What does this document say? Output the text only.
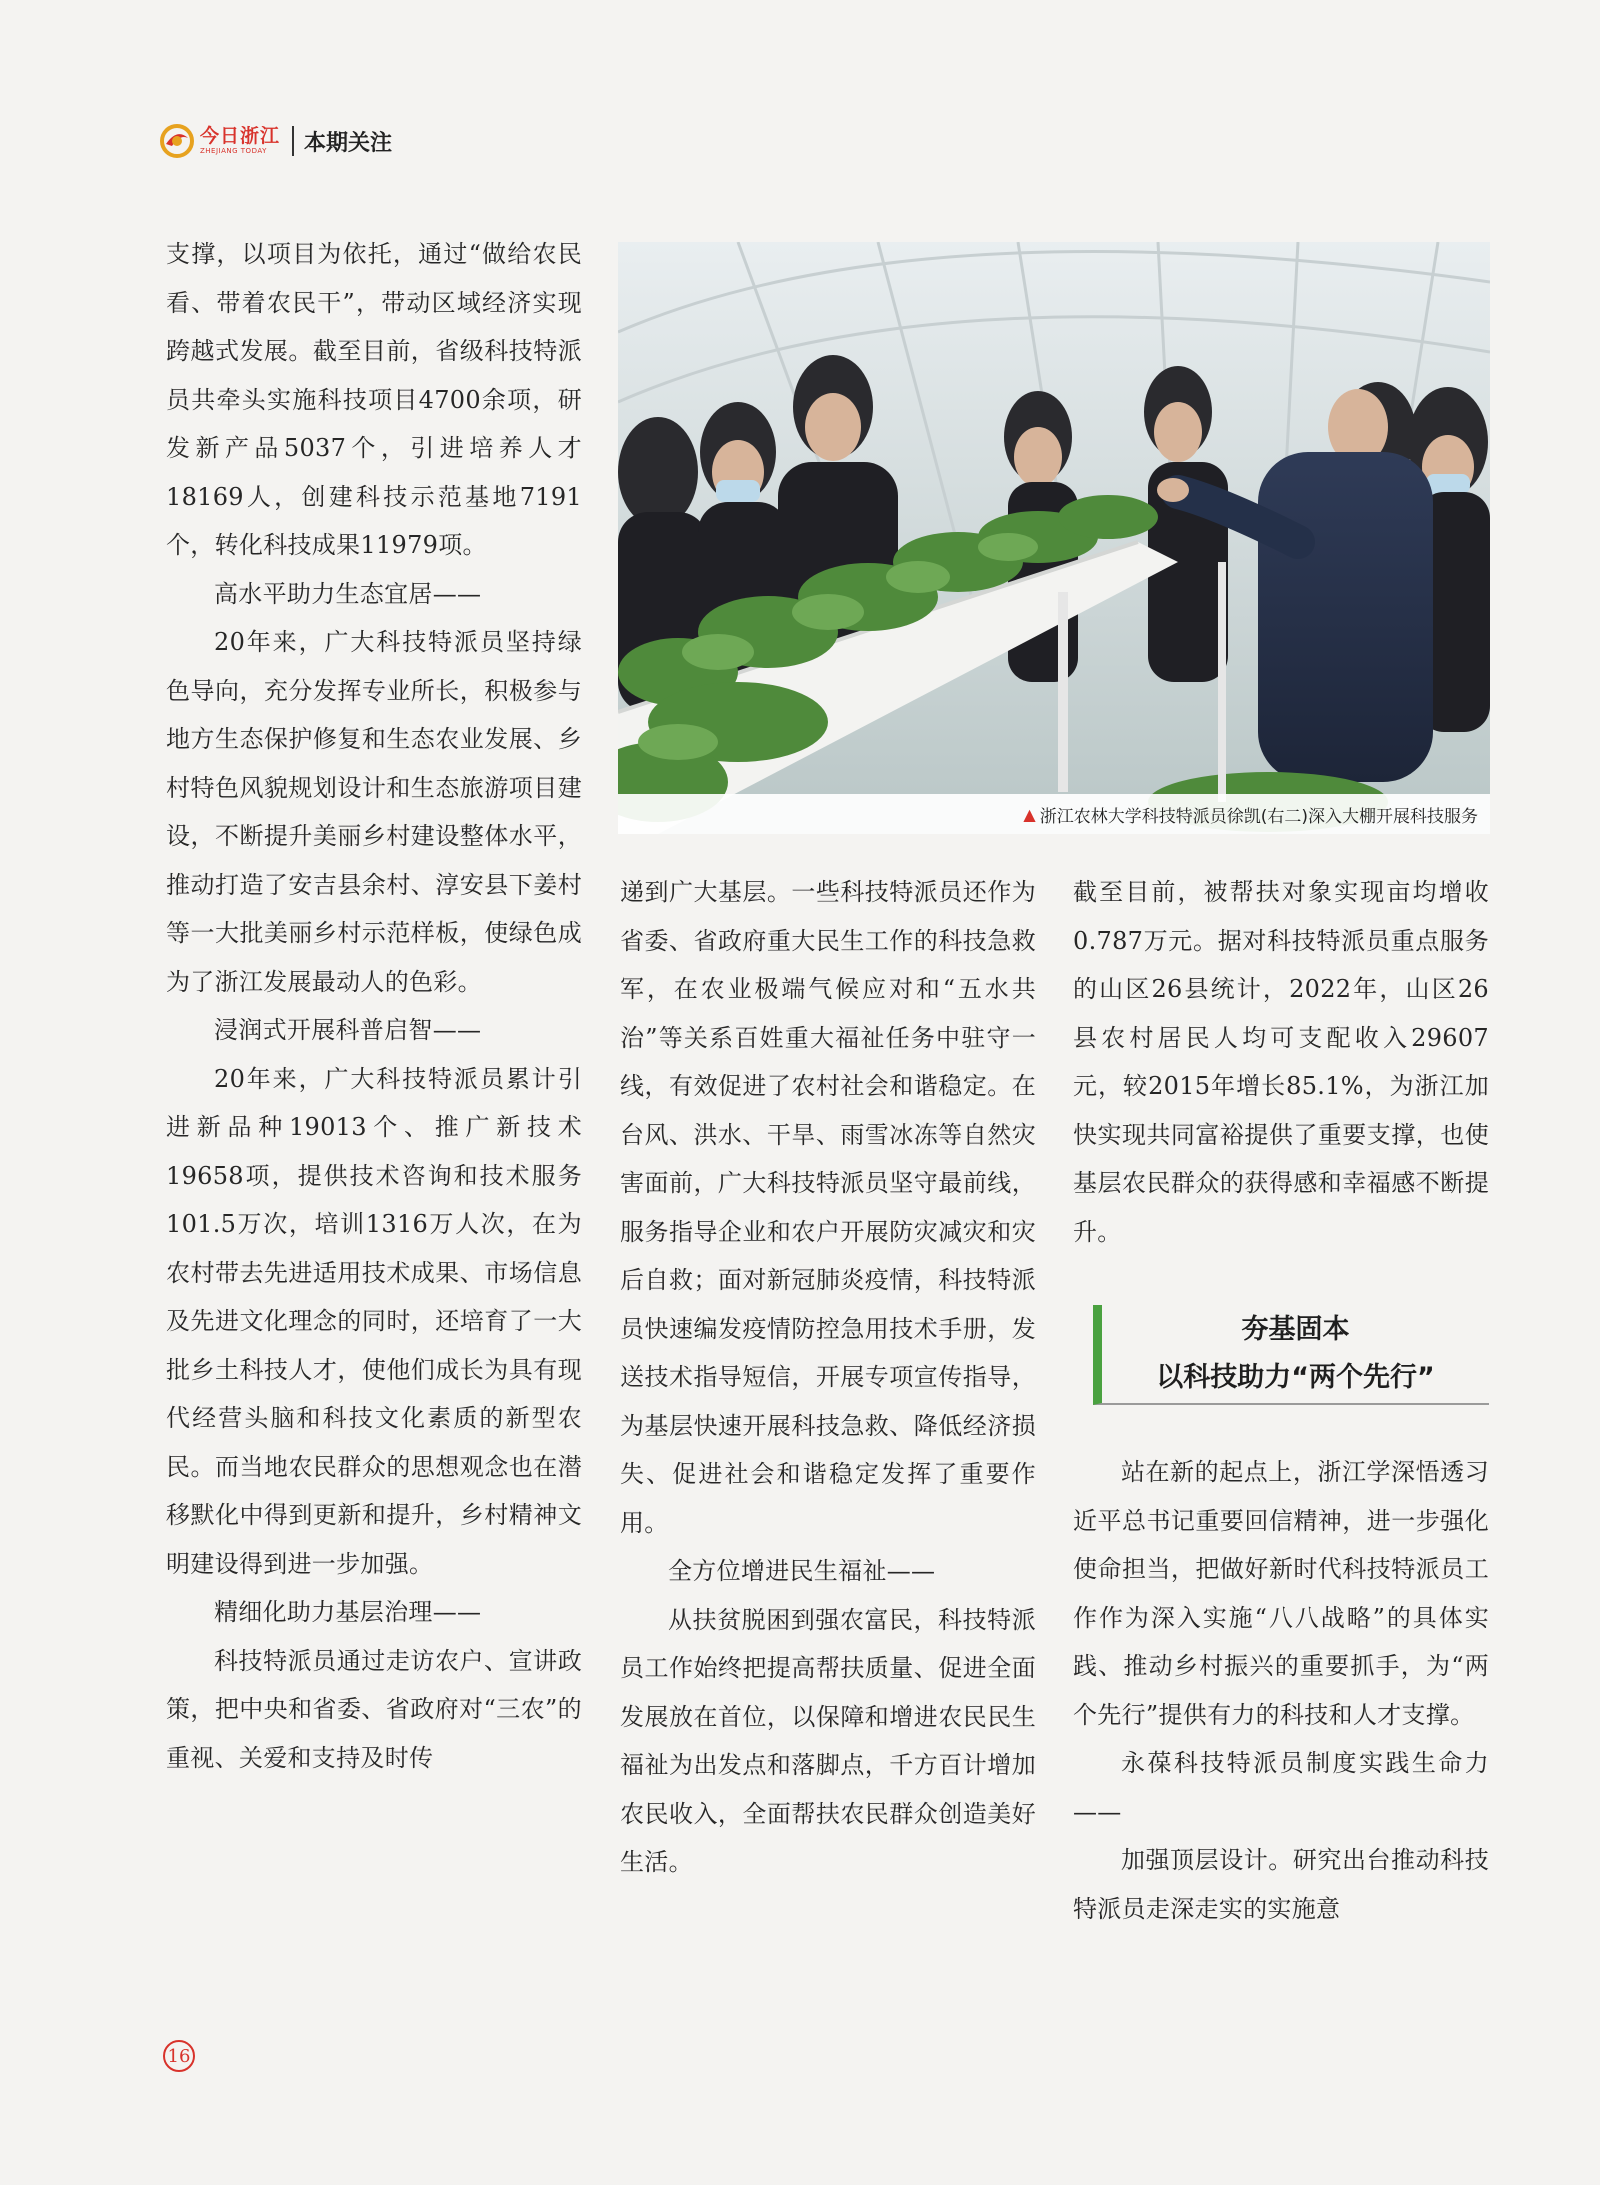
今日浙江
ZHEJIANG TODAY	本期关注

支撑，以项目为依托，通过“做给农民看、带着农民干”，带动区域经济实现跨越式发展。截至目前，省级科技特派员共牵头实施科技项目4700余项，研发新产品5037个，引进培养人才18169人，创建科技示范基地7191个，转化科技成果11979项。

高水平助力生态宜居——

20年来，广大科技特派员坚持绿色导向，充分发挥专业所长，积极参与地方生态保护修复和生态农业发展、乡村特色风貌规划设计和生态旅游项目建设，不断提升美丽乡村建设整体水平，推动打造了安吉县余村、淳安县下姜村等一大批美丽乡村示范样板，使绿色成为了浙江发展最动人的色彩。

浸润式开展科普启智——

20年来，广大科技特派员累计引进新品种19013个、推广新技术19658项，提供技术咨询和技术服务101.5万次，培训1316万人次，在为农村带去先进适用技术成果、市场信息及先进文化理念的同时，还培育了一大批乡土科技人才，使他们成长为具有现代经营头脑和科技文化素质的新型农民。而当地农民群众的思想观念也在潜移默化中得到更新和提升，乡村精神文明建设得到进一步加强。

精细化助力基层治理——

科技特派员通过走访农户、宣讲政策，把中央和省委、省政府对“三农”的重视、关爱和支持及时传

▲ 浙江农林大学科技特派员徐凯(右二)深入大棚开展科技服务

递到广大基层。一些科技特派员还作为省委、省政府重大民生工作的科技急救军，在农业极端气候应对和“五水共治”等关系百姓重大福祉任务中驻守一线，有效促进了农村社会和谐稳定。在台风、洪水、干旱、雨雪冰冻等自然灾害面前，广大科技特派员坚守最前线，服务指导企业和农户开展防灾减灾和灾后自救；面对新冠肺炎疫情，科技特派员快速编发疫情防控急用技术手册，发送技术指导短信，开展专项宣传指导，为基层快速开展科技急救、降低经济损失、促进社会和谐稳定发挥了重要作用。

全方位增进民生福祉——

从扶贫脱困到强农富民，科技特派员工作始终把提高帮扶质量、促进全面发展放在首位，以保障和增进农民民生福祉为出发点和落脚点，千方百计增加农民收入，全面帮扶农民群众创造美好生活。

截至目前，被帮扶对象实现亩均增收0.787万元。据对科技特派员重点服务的山区26县统计，2022年，山区26县农村居民人均可支配收入29607元，较2015年增长85.1%，为浙江加快实现共同富裕提供了重要支撑，也使基层农民群众的获得感和幸福感不断提升。

夯基固本
以科技助力“两个先行”

站在新的起点上，浙江学深悟透习近平总书记重要回信精神，进一步强化使命担当，把做好新时代科技特派员工作作为深入实施“八八战略”的具体实践、推动乡村振兴的重要抓手，为“两个先行”提供有力的科技和人才支撑。

永葆科技特派员制度实践生命力——

加强顶层设计。研究出台推动科技特派员走深走实的实施意

16
